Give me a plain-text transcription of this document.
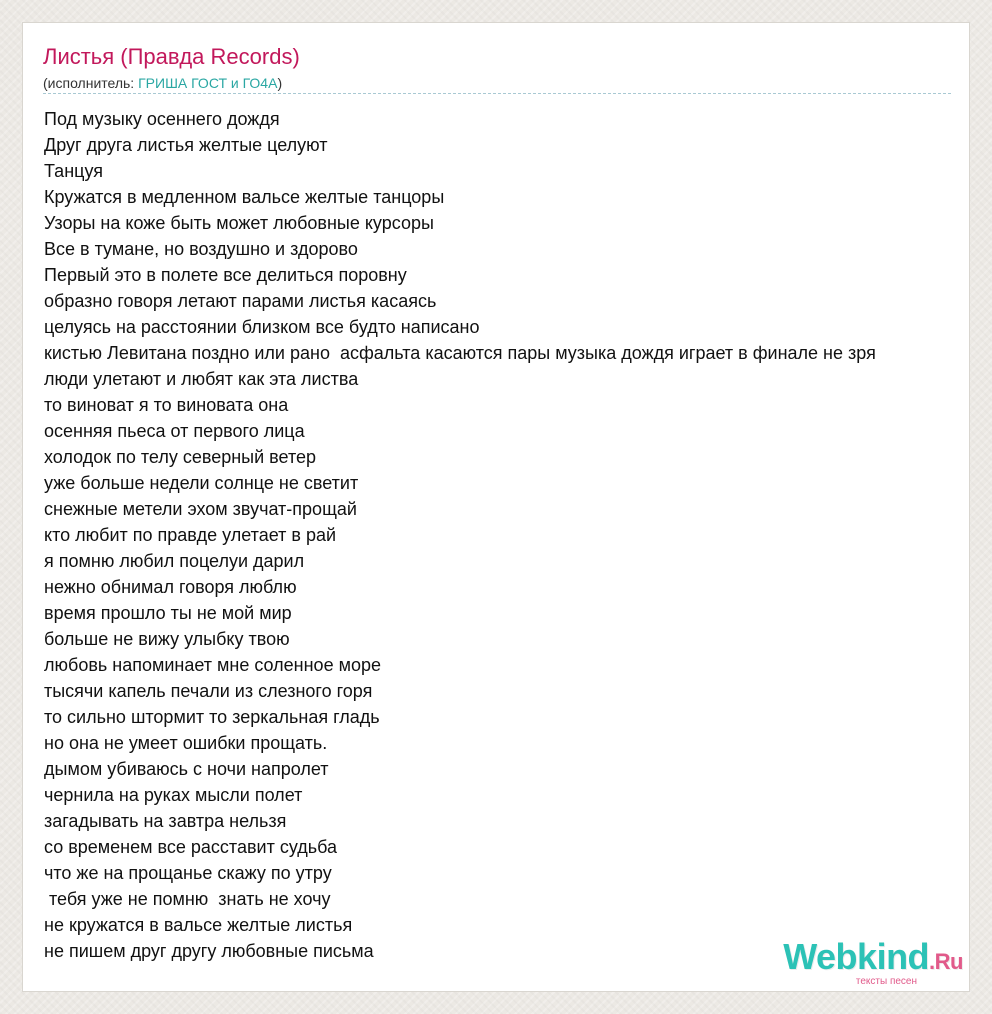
Листья (Правда Records)
(исполнитель: ГРИША ГОСТ и ГО4А)
Под музыку осеннего дождя
Друг друга листья желтые целуют
Танцуя
Кружатся в медленном вальсе желтые танцоры
Узоры на коже быть может любовные курсоры
Все в тумане, но воздушно и здорово
Первый это в полете все делиться поровну
образно говоря летают парами листья касаясь
целуясь на расстоянии близком все будто написано
кистью Левитана поздно или рано  асфальта касаются пары музыка дождя играет в финале не зря
люди улетают и любят как эта листва
то виноват я то виновата она
осенняя пьеса от первого лица
холодок по телу северный ветер
уже больше недели солнце не светит
снежные метели эхом звучат-прощай
кто любит по правде улетает в рай
я помню любил поцелуи дарил
нежно обнимал говоря люблю
время прошло ты не мой мир
больше не вижу улыбку твою
любовь напоминает мне соленное море
тысячи капель печали из слезного горя
то сильно штормит то зеркальная гладь
но она не умеет ошибки прощать.
дымом убиваюсь с ночи напролет
чернила на руках мысли полет
загадывать на завтра нельзя
со временем все расставит судьба
что же на прощанье скажу по утру
тебя уже не помню  знать не хочу
не кружатся в вальсе желтые листья
не пишем друг другу любовные письма	Webkind.Ru
тексты песен
